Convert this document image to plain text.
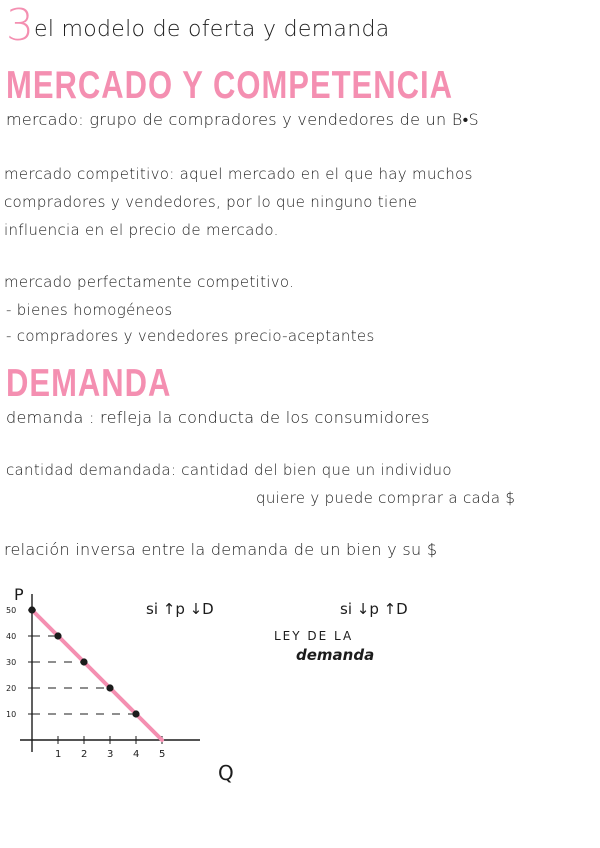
3 el modelo de oferta y demanda
MERCADO Y COMPETENCIA
mercado: grupo de compradores y vendedores de un B•S
mercado competitivo: aquel mercado en el que hay muchos
compradores y vendedores, por lo que ninguno tiene
influencia en el precio de mercado.
mercado perfectamente competitivo.
- bienes homogéneos
- compradores y vendedores precio-aceptantes
DEMANDA
demanda : refleja la conducta de los consumidores
cantidad demandada: cantidad del bien que un individuo
quiere y puede comprar a cada $
relación inversa entre la demanda de un bien y su $
1 2 3 4 5
50
40
30
20
10
P
Q
si ↑p ↓D	si ↓p ↑D
LEY DE LA
demanda
